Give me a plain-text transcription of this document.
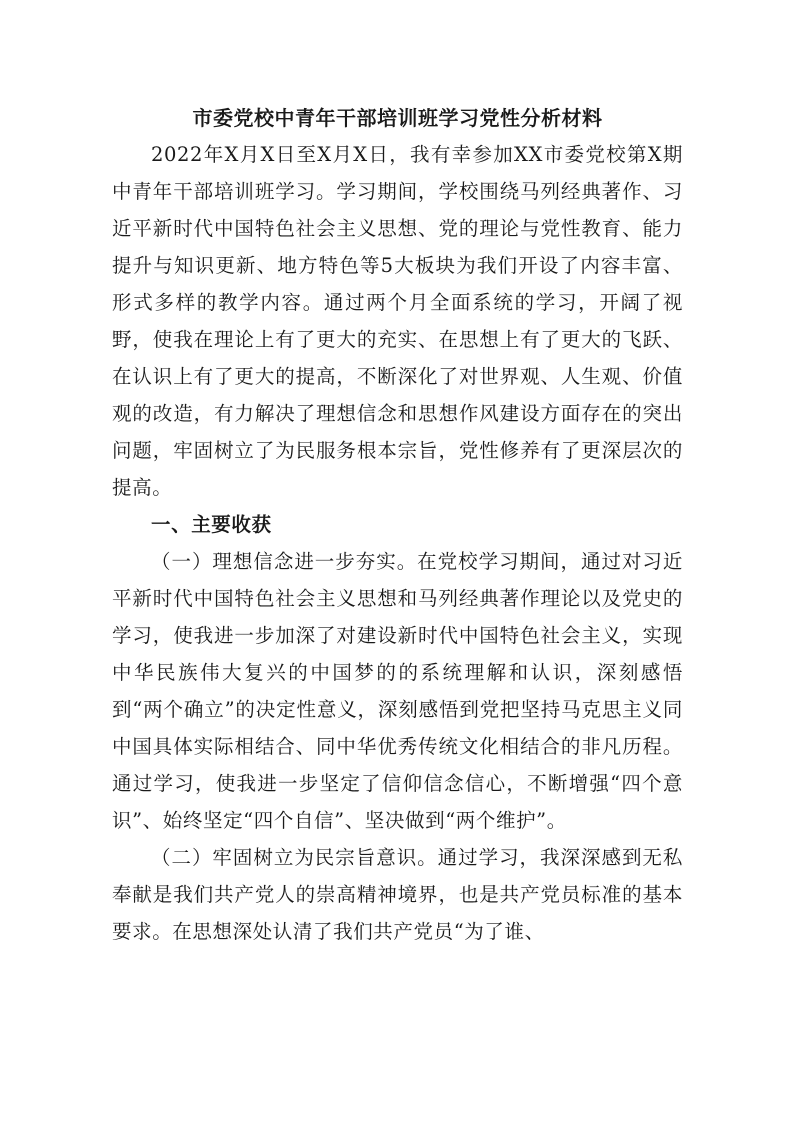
市委党校中青年干部培训班学习党性分析材料

2022年X月X日至X月X日，我有幸参加XX市委党校第X期中青年干部培训班学习。学习期间，学校围绕马列经典著作、习近平新时代中国特色社会主义思想、党的理论与党性教育、能力提升与知识更新、地方特色等5大板块为我们开设了内容丰富、形式多样的教学内容。通过两个月全面系统的学习，开阔了视野，使我在理论上有了更大的充实、在思想上有了更大的飞跃、在认识上有了更大的提高，不断深化了对世界观、人生观、价值观的改造，有力解决了理想信念和思想作风建设方面存在的突出问题，牢固树立了为民服务根本宗旨，党性修养有了更深层次的提高。

一、主要收获

（一）理想信念进一步夯实。在党校学习期间，通过对习近平新时代中国特色社会主义思想和马列经典著作理论以及党史的学习，使我进一步加深了对建设新时代中国特色社会主义，实现中华民族伟大复兴的中国梦的的系统理解和认识，深刻感悟到“两个确立”的决定性意义，深刻感悟到党把坚持马克思主义同中国具体实际相结合、同中华优秀传统文化相结合的非凡历程。通过学习，使我进一步坚定了信仰信念信心，不断增强“四个意识”、始终坚定“四个自信”、坚决做到“两个维护”。

（二）牢固树立为民宗旨意识。通过学习，我深深感到无私奉献是我们共产党人的崇高精神境界，也是共产党员标准的基本要求。在思想深处认清了我们共产党员“为了谁、
